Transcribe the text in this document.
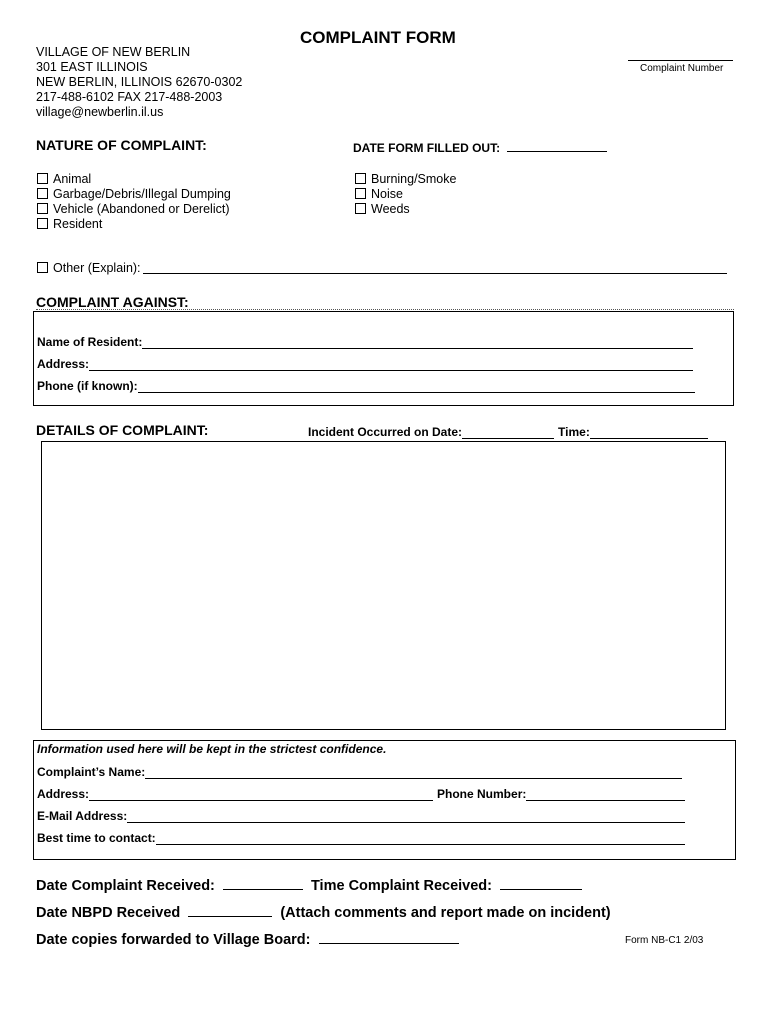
COMPLAINT FORM
VILLAGE OF NEW BERLIN
301 EAST ILLINOIS
NEW BERLIN, ILLINOIS 62670-0302
217-488-6102 FAX 217-488-2003
village@newberlin.il.us
Complaint Number
NATURE OF COMPLAINT:	DATE FORM FILLED OUT:
Animal
Garbage/Debris/Illegal Dumping
Vehicle (Abandoned or Derelict)
Resident
Burning/Smoke
Noise
Weeds
Other (Explain):
COMPLAINT AGAINST:
Name of Resident:
Address:
Phone (if known):
DETAILS OF COMPLAINT:	Incident Occurred on Date:	Time:
Information used here will be kept in the strictest confidence.
Complaint’s Name:
Address:	Phone Number:
E-Mail Address:
Best time to contact:
Date Complaint Received:	Time Complaint Received:
Date NBPD Received	(Attach comments and report made on incident)
Date copies forwarded to Village Board:	Form NB-C1 2/03
